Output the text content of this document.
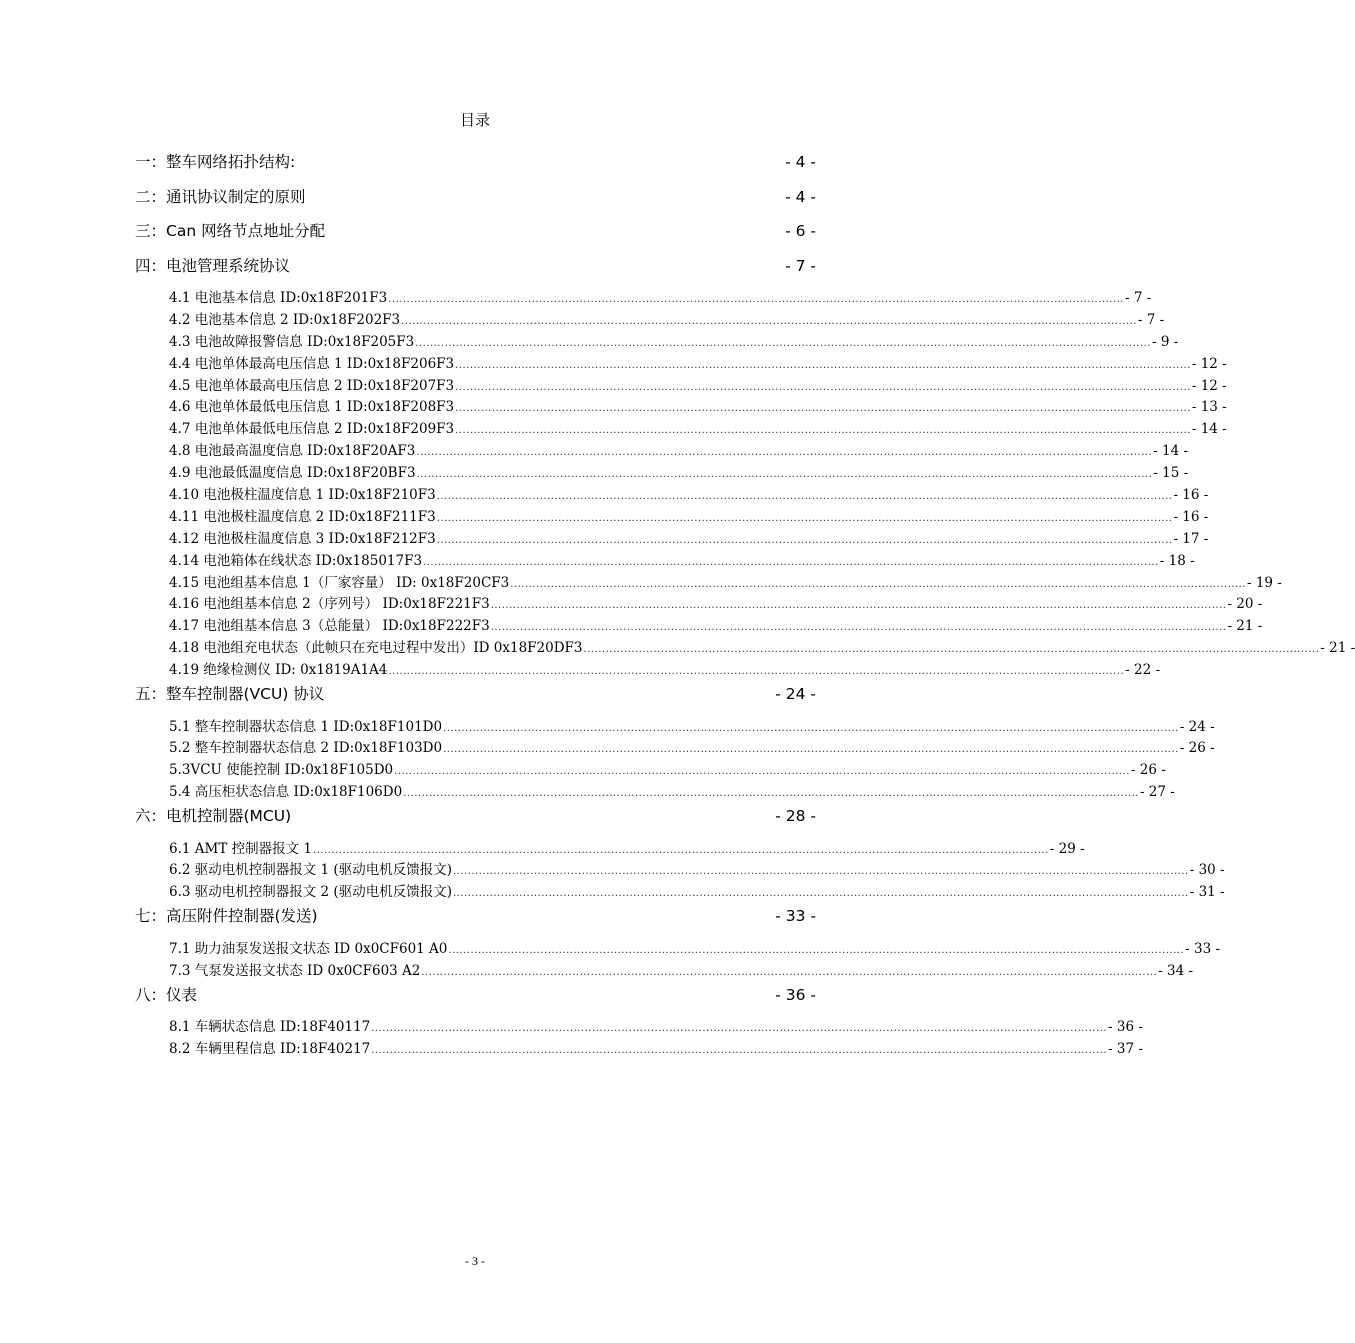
目录
一：整车网络拓扑结构:	- 4 -
二：通讯协议制定的原则	- 4 -
三：Can 网络节点地址分配	- 6 -
四：电池管理系统协议	- 7 -
4.1 电池基本信息 ID:0x18F201F3 ........................................................................................................................................................................................................ - 7 -
4.2 电池基本信息 2 ID:0x18F202F3 ........................................................................................................................................................................................................ - 7 -
4.3 电池故障报警信息 ID:0x18F205F3 ........................................................................................................................................................................................................ - 9 -
4.4 电池单体最高电压信息 1 ID:0x18F206F3 ........................................................................................................................................................................................................ - 12 -
4.5 电池单体最高电压信息 2 ID:0x18F207F3 ........................................................................................................................................................................................................ - 12 -
4.6 电池单体最低电压信息 1 ID:0x18F208F3 ........................................................................................................................................................................................................ - 13 -
4.7 电池单体最低电压信息 2 ID:0x18F209F3 ........................................................................................................................................................................................................ - 14 -
4.8 电池最高温度信息 ID:0x18F20AF3 ........................................................................................................................................................................................................ - 14 -
4.9 电池最低温度信息 ID:0x18F20BF3 ........................................................................................................................................................................................................ - 15 -
4.10 电池极柱温度信息 1 ID:0x18F210F3 ........................................................................................................................................................................................................ - 16 -
4.11 电池极柱温度信息 2 ID:0x18F211F3 ........................................................................................................................................................................................................ - 16 -
4.12 电池极柱温度信息 3 ID:0x18F212F3 ........................................................................................................................................................................................................ - 17 -
4.14 电池箱体在线状态 ID:0x185017F3 ........................................................................................................................................................................................................ - 18 -
4.15 电池组基本信息 1（厂家容量） ID: 0x18F20CF3 ........................................................................................................................................................................................................ - 19 -
4.16 电池组基本信息 2（序列号） ID:0x18F221F3 ........................................................................................................................................................................................................ - 20 -
4.17 电池组基本信息 3（总能量） ID:0x18F222F3 ........................................................................................................................................................................................................ - 21 -
4.18 电池组充电状态（此帧只在充电过程中发出）ID 0x18F20DF3 ........................................................................................................................................................................................................ - 21 -
4.19 绝缘检测仪 ID: 0x1819A1A4 ........................................................................................................................................................................................................ - 22 -
五：整车控制器(VCU) 协议	- 24 -
5.1 整车控制器状态信息 1 ID:0x18F101D0 ........................................................................................................................................................................................................ - 24 -
5.2 整车控制器状态信息 2 ID:0x18F103D0 ........................................................................................................................................................................................................ - 26 -
5.3VCU 使能控制 ID:0x18F105D0 ........................................................................................................................................................................................................ - 26 -
5.4 高压柜状态信息 ID:0x18F106D0 ........................................................................................................................................................................................................ - 27 -
六：电机控制器(MCU)	- 28 -
6.1 AMT 控制器报文 1 ........................................................................................................................................................................................................ - 29 -
6.2 驱动电机控制器报文 1 (驱动电机反馈报文) ........................................................................................................................................................................................................ - 30 -
6.3 驱动电机控制器报文 2 (驱动电机反馈报文) ........................................................................................................................................................................................................ - 31 -
七：高压附件控制器(发送)	- 33 -
7.1 助力油泵发送报文状态 ID 0x0CF601 A0 ........................................................................................................................................................................................................ - 33 -
7.3 气泵发送报文状态 ID 0x0CF603 A2 ........................................................................................................................................................................................................ - 34 -
八：仪表	- 36 -
8.1 车辆状态信息 ID:18F40117 ........................................................................................................................................................................................................ - 36 -
8.2 车辆里程信息 ID:18F40217 ........................................................................................................................................................................................................ - 37 -
- 3 -
